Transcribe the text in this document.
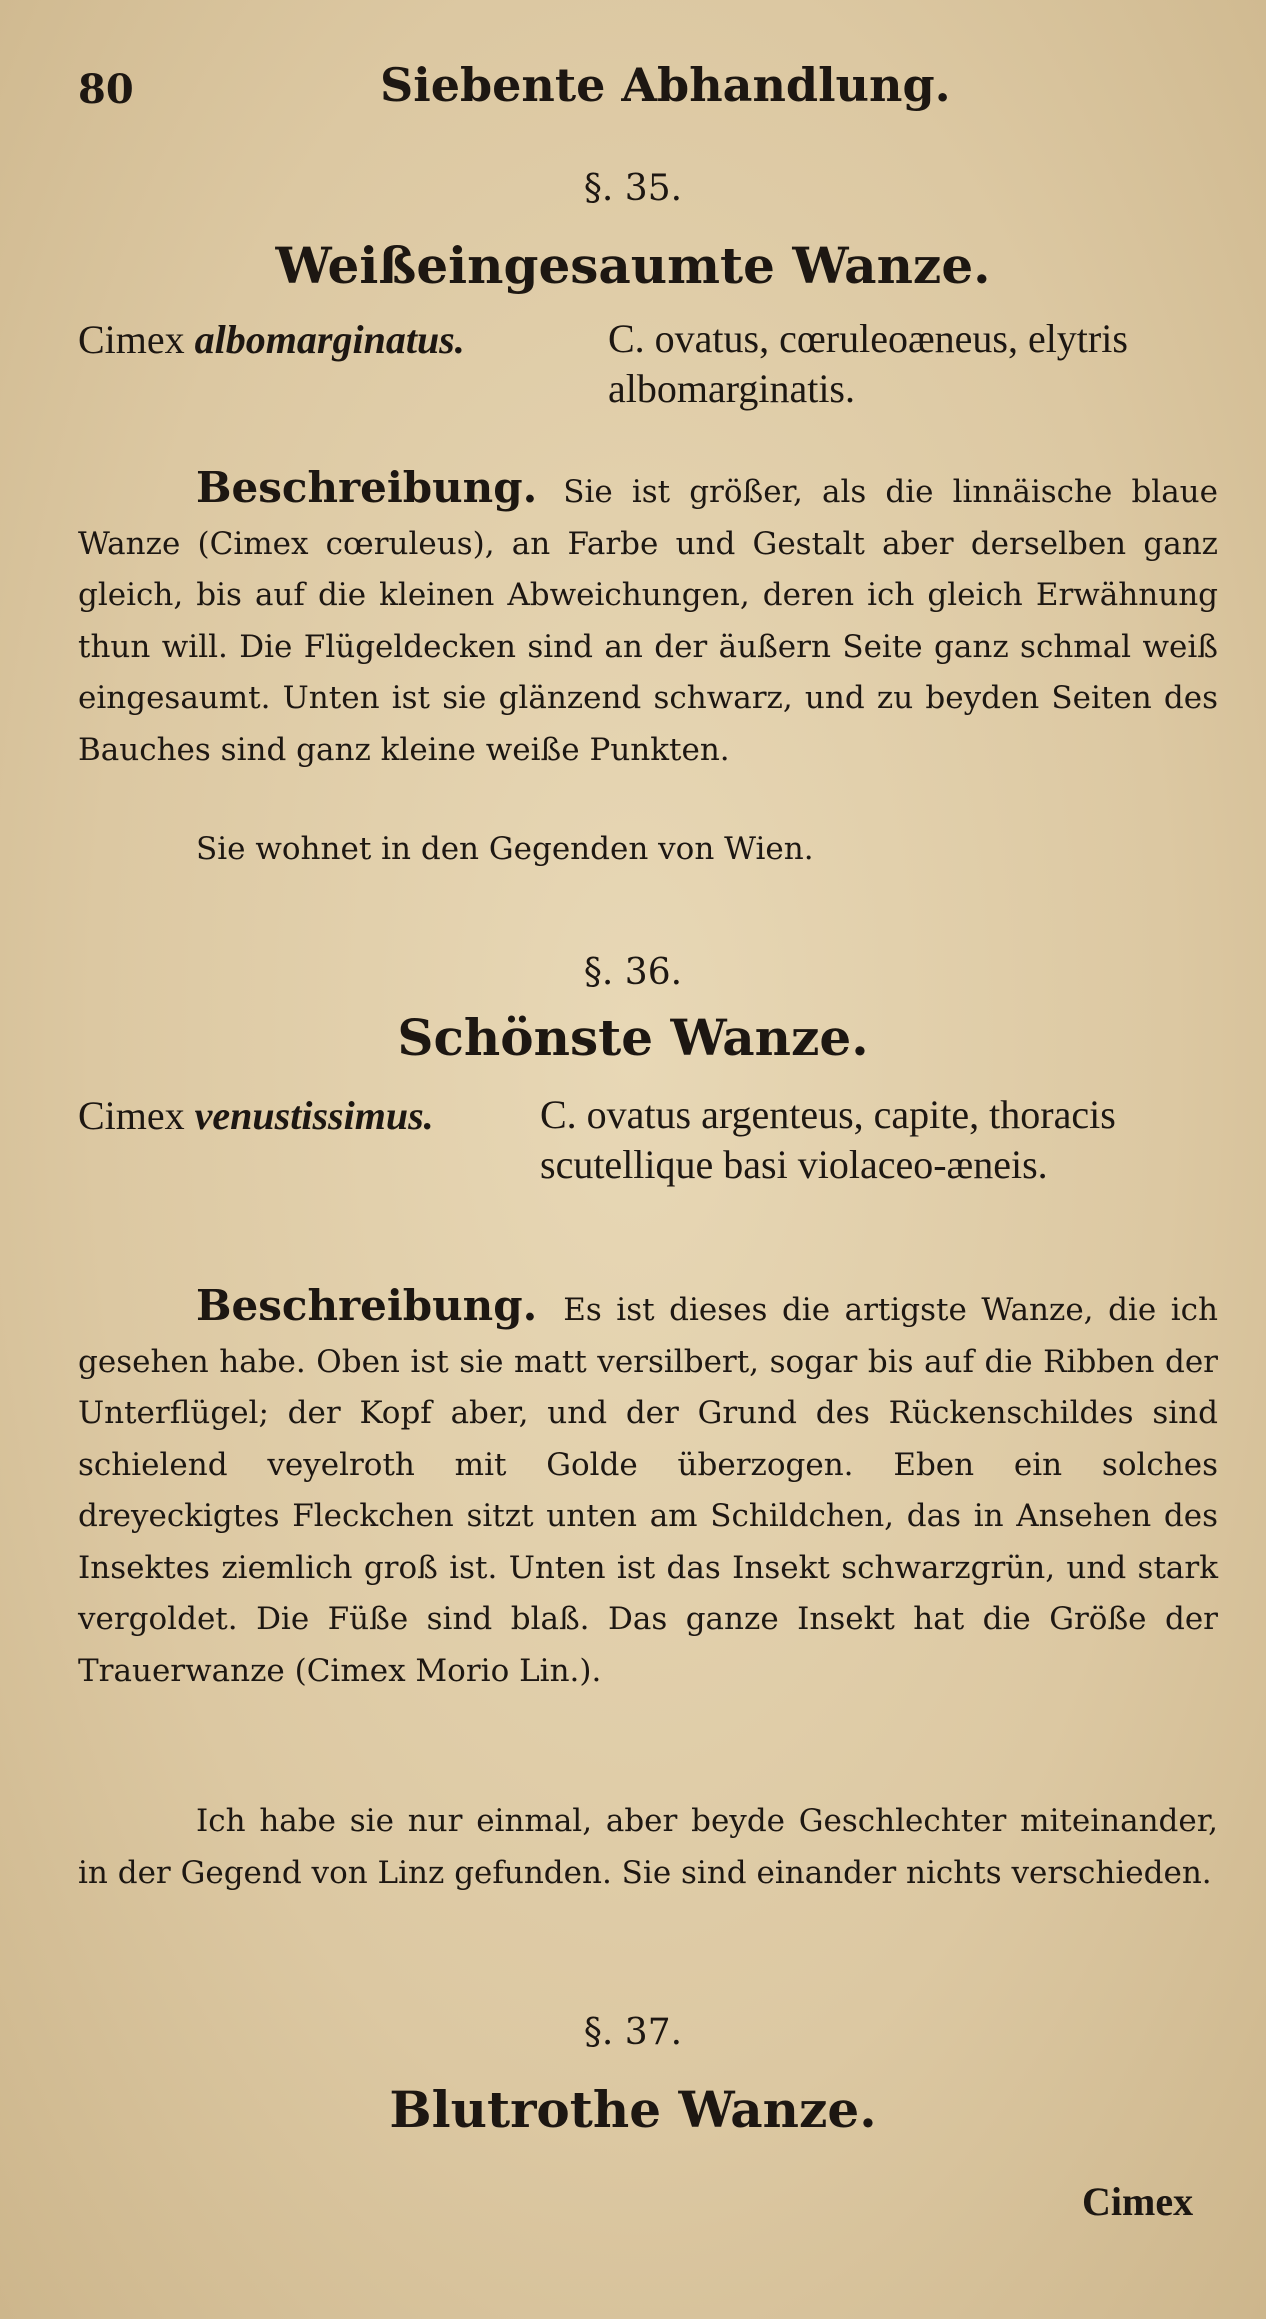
80	Siebente Abhandlung.
§. 35.
Weißeingesaumte Wanze.
Cimex albomarginatus.	C. ovatus, cœruleoæneus, elytris albomarginatis.
Beschreibung. Sie ist größer, als die linnäische blaue Wanze (Cimex cœruleus), an Farbe und Gestalt aber derselben ganz gleich, bis auf die kleinen Abweichungen, deren ich gleich Erwähnung thun will. Die Flügeldecken sind an der äußern Seite ganz schmal weiß eingesaumt. Unten ist sie glänzend schwarz, und zu beyden Seiten des Bauches sind ganz kleine weiße Punkten.
Sie wohnet in den Gegenden von Wien.
§. 36.
Schönste Wanze.
Cimex venustissimus.	C. ovatus argenteus, capite, thoracis scutellique basi violaceo-æneis.
Beschreibung. Es ist dieses die artigste Wanze, die ich gesehen habe. Oben ist sie matt versilbert, sogar bis auf die Ribben der Unterflügel; der Kopf aber, und der Grund des Rückenschildes sind schielend veyelroth mit Golde überzogen. Eben ein solches dreyeckigtes Fleckchen sitzt unten am Schildchen, das in Ansehen des Insektes ziemlich groß ist. Unten ist das Insekt schwarzgrün, und stark vergoldet. Die Füße sind blaß. Das ganze Insekt hat die Größe der Trauerwanze (Cimex Morio Lin.).
Ich habe sie nur einmal, aber beyde Geschlechter miteinander, in der Gegend von Linz gefunden. Sie sind einander nichts verschieden.
§. 37.
Blutrothe Wanze.
Cimex
